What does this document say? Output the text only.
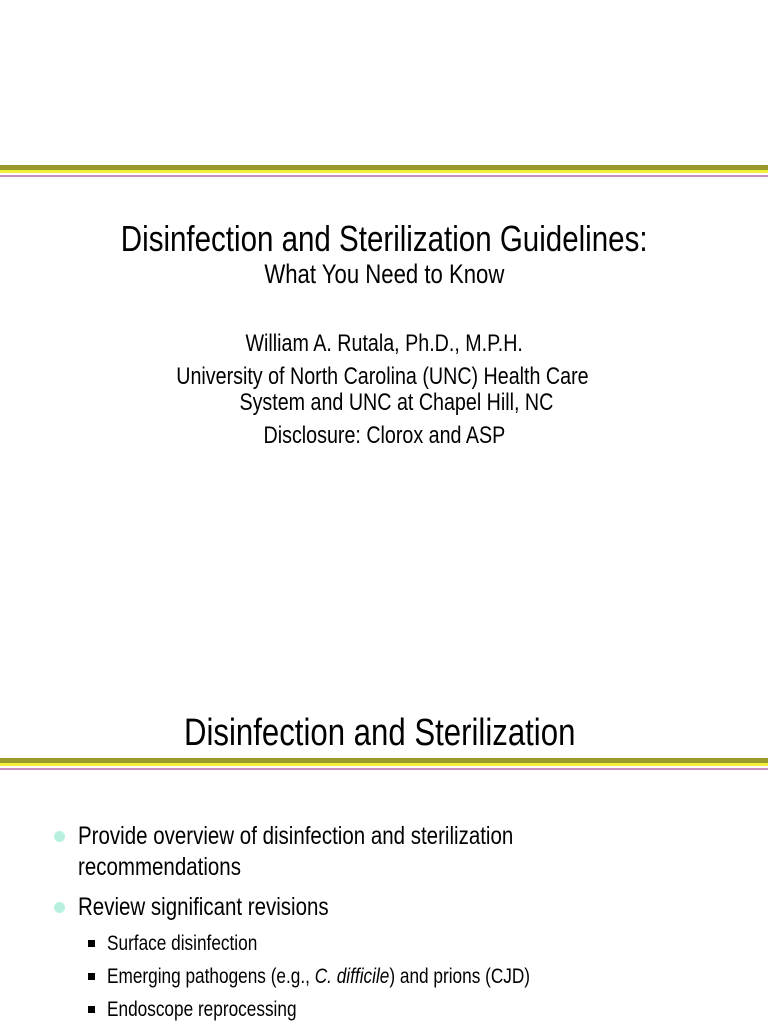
Disinfection and Sterilization Guidelines:
What You Need to Know
William A. Rutala, Ph.D., M.P.H.
University of North Carolina (UNC) Health Care
System and UNC at Chapel Hill, NC
Disclosure: Clorox and ASP
Disinfection and Sterilization
Provide overview of disinfection and sterilization
recommendations
Review significant revisions
Surface disinfection
Emerging pathogens (e.g., C. difficile) and prions (CJD)
Endoscope reprocessing
